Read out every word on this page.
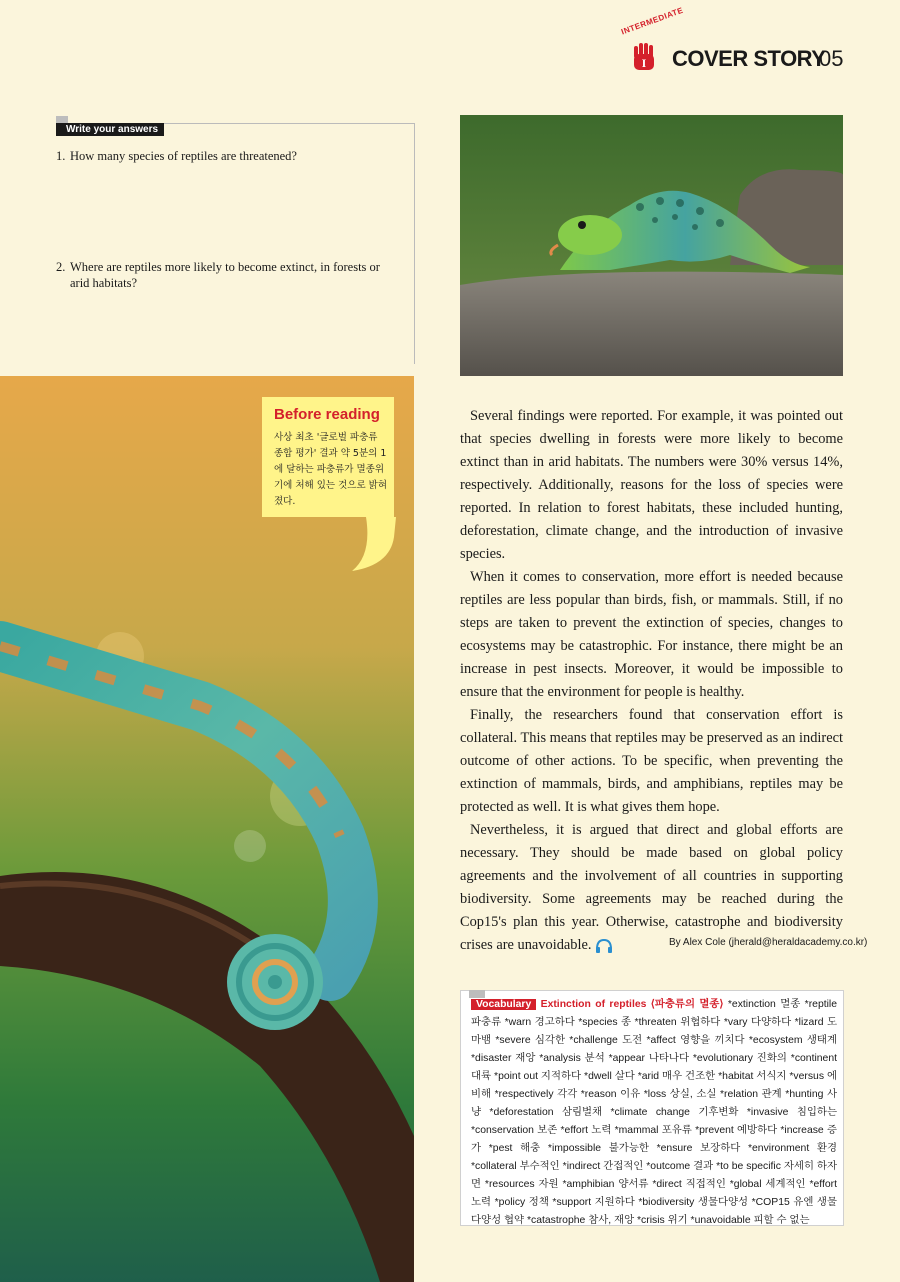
INTERMEDIATE
I COVER STORY
05
Write your answers
1. How many species of reptiles are threatened?
2. Where are reptiles more likely to become extinct, in forests or
arid habitats?
Before reading
사상 최초 '글로벌 파충류 종합 평가' 결과 약 5분의 1에 달하는 파충류가 멸종위기에 처해 있는 것으로 밝혀졌다.

Several findings were reported. For example, it was pointed out that species dwelling in forests were more likely to become extinct than in arid habitats. The numbers were 30% versus 14%, respectively. Additionally, reasons for the loss of species were reported. In relation to forest habitats, these included hunting, deforestation, climate change, and the introduction of invasive species.

When it comes to conservation, more effort is needed because reptiles are less popular than birds, fish, or mammals. Still, if no steps are taken to prevent the extinction of species, changes to ecosystems may be catastrophic. For instance, there might be an increase in pest insects. Moreover, it would be impossible to ensure that the environment for people is healthy.

Finally, the researchers found that conservation effort is collateral. This means that reptiles may be preserved as an indirect outcome of other actions. To be specific, when preventing the extinction of mammals, birds, and amphibians, reptiles may be protected as well. It is what gives them hope.

Nevertheless, it is argued that direct and global efforts are necessary. They should be made based on global policy agreements and the involvement of all countries in supporting biodiversity. Some agreements may be reached during the Cop15's plan this year. Otherwise, catastrophe and biodiversity crises are unavoidable.	By Alex Cole (jherald@heraldacademy.co.kr)
Vocabulary Extinction of reptiles ⟨파충류의 멸종⟩ *extinction 멸종 *reptile 파충류 *warn 경고하다 *species 종 *threaten 위협하다 *vary 다양하다 *lizard 도마뱀 *severe 심각한 *challenge 도전 *affect 영향을 끼치다 *ecosystem 생태계 *disaster 재앙 *analysis 분석 *appear 나타나다 *evolutionary 진화의 *continent 대륙 *point out 지적하다 *dwell 살다 *arid 매우 건조한 *habitat 서식지 *versus 에 비해 *respectively 각각 *reason 이유 *loss 상실, 소실 *relation 관계 *hunting 사냥 *deforestation 삼림벌채 *climate change 기후변화 *invasive 침입하는 *conservation 보존 *effort 노력 *mammal 포유류 *prevent 예방하다 *increase 증가 *pest 해충 *impossible 불가능한 *ensure 보장하다 *environment 환경 *collateral 부수적인 *indirect 간접적인 *outcome 결과 *to be specific 자세히 하자면 *resources 자원 *amphibian 양서류 *direct 직접적인 *global 세계적인 *effort 노력 *policy 정책 *support 지원하다 *biodiversity 생물다양성 *COP15 유엔 생물 다양성 협약 *catastrophe 참사, 재앙 *crisis 위기 *unavoidable 피할 수 없는
